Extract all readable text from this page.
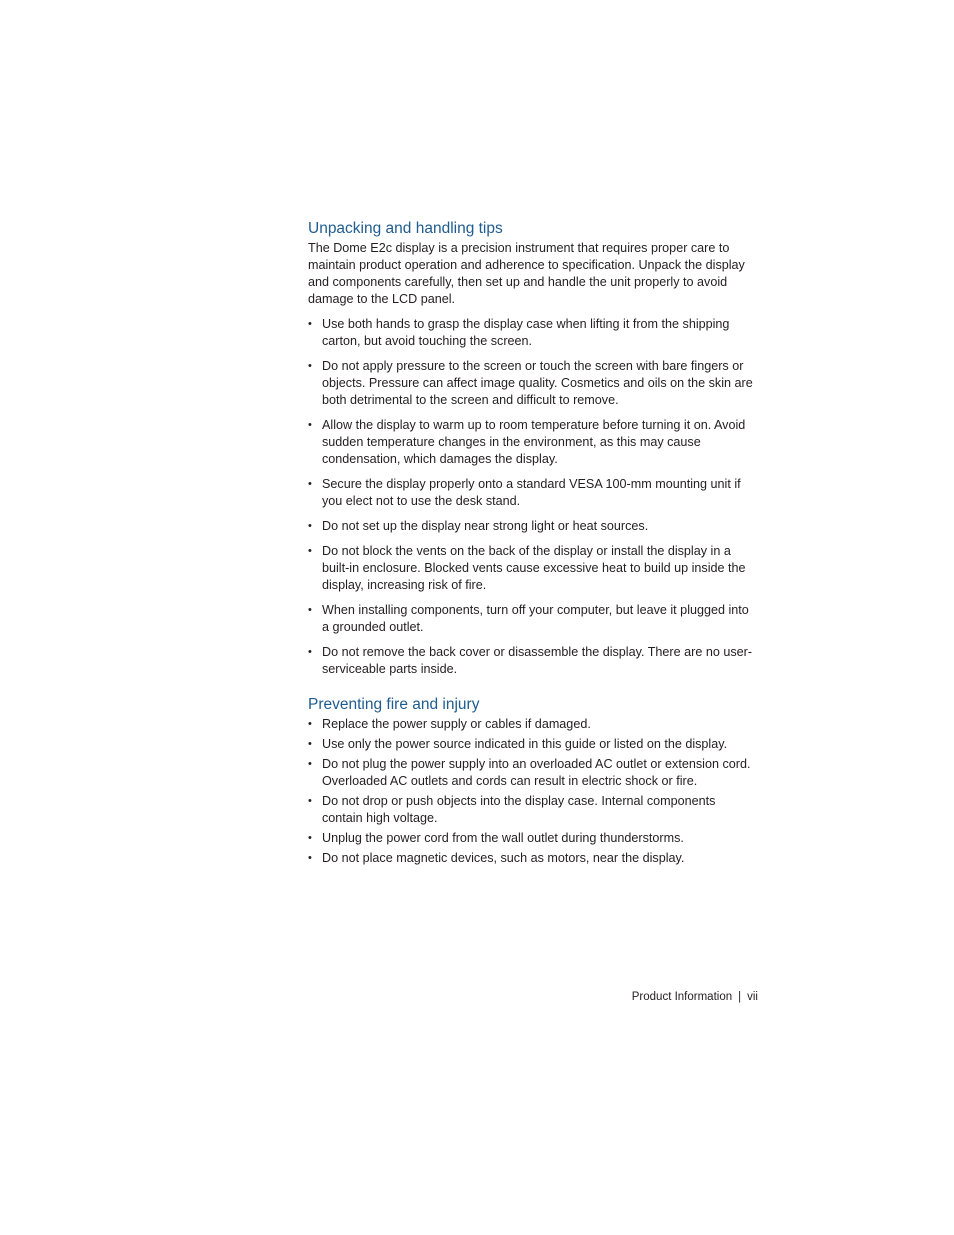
Unpacking and handling tips

The Dome E2c display is a precision instrument that requires proper care to maintain product operation and adherence to specification. Unpack the display and components carefully, then set up and handle the unit properly to avoid damage to the LCD panel.

• Use both hands to grasp the display case when lifting it from the shipping carton, but avoid touching the screen.
• Do not apply pressure to the screen or touch the screen with bare fingers or objects. Pressure can affect image quality. Cosmetics and oils on the skin are both detrimental to the screen and difficult to remove.
• Allow the display to warm up to room temperature before turning it on. Avoid sudden temperature changes in the environment, as this may cause condensation, which damages the display.
• Secure the display properly onto a standard VESA 100-mm mounting unit if you elect not to use the desk stand.
• Do not set up the display near strong light or heat sources.
• Do not block the vents on the back of the display or install the display in a built-in enclosure. Blocked vents cause excessive heat to build up inside the display, increasing risk of fire.
• When installing components, turn off your computer, but leave it plugged into a grounded outlet.
• Do not remove the back cover or disassemble the display. There are no user-serviceable parts inside.
Preventing fire and injury
• Replace the power supply or cables if damaged.
• Use only the power source indicated in this guide or listed on the display.
• Do not plug the power supply into an overloaded AC outlet or extension cord. Overloaded AC outlets and cords can result in electric shock or fire.
• Do not drop or push objects into the display case. Internal components contain high voltage.
• Unplug the power cord from the wall outlet during thunderstorms.
• Do not place magnetic devices, such as motors, near the display.
Product Information | vii
